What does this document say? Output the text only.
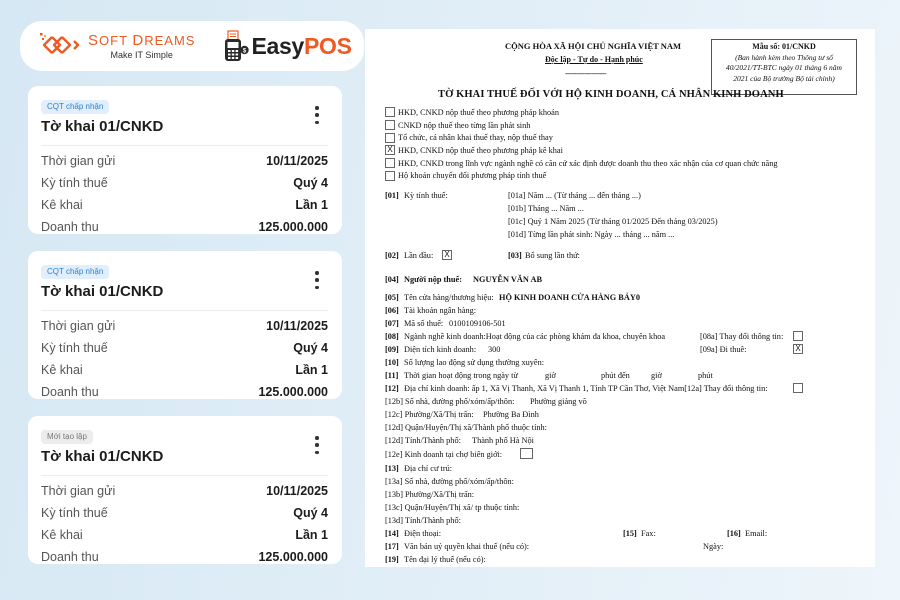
SOFT DREAMS
Make IT Simple	$ EasyPOS
CQT chấp nhận
Tờ khai 01/CNKD
Thời gian gửi	10/11/2025
Kỳ tính thuế	Quý 4
Kê khai	Lần 1
Doanh thu	125.000.000
CQT chấp nhận
Tờ khai 01/CNKD
Thời gian gửi	10/11/2025
Kỳ tính thuế	Quý 4
Kê khai	Lần 1
Doanh thu	125.000.000
Mới tạo lập
Tờ khai 01/CNKD
Thời gian gửi	10/11/2025
Kỳ tính thuế	Quý 4
Kê khai	Lần 1
Doanh thu	125.000.000
CỘNG HÒA XÃ HỘI CHỦ NGHĨA VIỆT NAM
Độc lập - Tự do - Hạnh phúc
-------------------
Mẫu số: 01/CNKD
(Ban hành kèm theo Thông tư số
40/2021/TT-BTC ngày 01 tháng 6 năm
2021 của Bộ trưởng Bộ tài chính)
TỜ KHAI THUẾ ĐỐI VỚI HỘ KINH DOANH, CÁ NHÂN KINH DOANH
HKD, CNKD nộp thuế theo phương pháp khoán
CNKD nộp thuế theo từng lần phát sinh
Tổ chức, cá nhân khai thuế thay, nộp thuế thay
X HKD, CNKD nộp thuế theo phương pháp kê khai
HKD, CNKD trong lĩnh vực ngành nghề có căn cứ xác định được doanh thu theo xác nhận của cơ quan chức năng
Hộ khoán chuyển đổi phương pháp tính thuế
[01] Kỳ tính thuế:	[01a] Năm ... (Từ tháng ... đến tháng ...)
[01b] Tháng ... Năm ...
[01c] Quý 1 Năm 2025 (Từ tháng 01/2025 Đến tháng 03/2025)
[01d] Từng lần phát sinh: Ngày ... tháng ... năm ...
[02] Lần đầu: X	[03] Bổ sung lần thứ:
[04] Người nộp thuế: NGUYỄN VĂN AB
[05] Tên cửa hàng/thương hiệu: HỘ KINH DOANH CỬA HÀNG BẢY0
[06] Tài khoản ngân hàng:
[07] Mã số thuế: 0100109106-501
[08] Ngành nghề kinh doanh:Hoạt động của các phòng khám đa khoa, chuyên khoa	[08a] Thay đổi thông tin:
[09] Diện tích kinh doanh: 300	[09a] Đi thuê:	X
[10] Số lượng lao động sử dụng thường xuyên:
[11] Thời gian hoạt động trong ngày từ	giờ	phút đến	giờ	phút
[12] Địa chỉ kinh doanh: ấp 1, Xã Vị Thanh, Xã Vị Thanh 1, Tỉnh TP Cần Thơ, Việt Nam[12a] Thay đổi thông tin:
[12b] Số nhà, đường phố/xóm/ấp/thôn: Phường giảng võ
[12c] Phường/Xã/Thị trấn: Phường Ba Đình
[12d] Quận/Huyện/Thị xã/Thành phố thuộc tỉnh:
[12d] Tỉnh/Thành phố: Thành phố Hà Nội
[12e] Kinh doanh tại chợ biên giới:
[13] Địa chỉ cư trú:
[13a] Số nhà, đường phố/xóm/ấp/thôn:
[13b] Phường/Xã/Thị trấn:
[13c] Quận/Huyện/Thị xã/ tp thuộc tỉnh:
[13d] Tỉnh/Thành phố:
[14] Điện thoại:	[15] Fax:	[16] Email:
[17] Văn bản uỷ quyền khai thuế (nếu có):	Ngày:
[19] Tên đại lý thuế (nếu có):
